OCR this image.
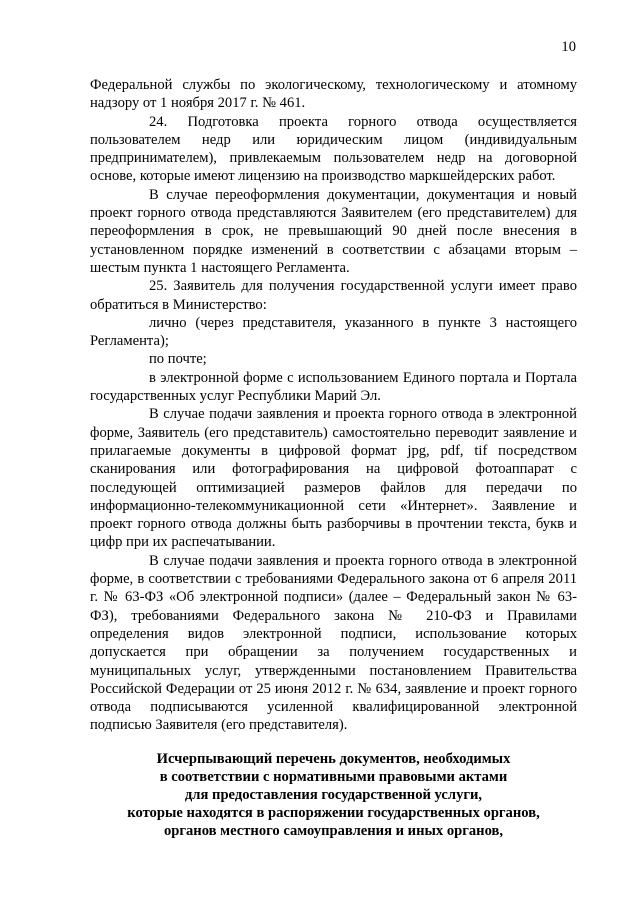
10

Федеральной службы по экологическому, технологическому и атомному надзору от 1 ноября 2017 г. № 461.

24. Подготовка проекта горного отвода осуществляется пользователем недр или юридическим лицом (индивидуальным предпринимателем), привлекаемым пользователем недр на договорной основе, которые имеют лицензию на производство маркшейдерских работ.

В случае переоформления документации, документация и новый проект горного отвода представляются Заявителем (его представителем) для переоформления в срок, не превышающий 90 дней после внесения в установленном порядке изменений в соответствии с абзацами вторым – шестым пункта 1 настоящего Регламента.

25. Заявитель для получения государственной услуги имеет право обратиться в Министерство:

лично (через представителя, указанного в пункте 3 настоящего Регламента);

по почте;

в электронной форме с использованием Единого портала и Портала государственных услуг Республики Марий Эл.

В случае подачи заявления и проекта горного отвода в электронной форме, Заявитель (его представитель) самостоятельно переводит заявление и прилагаемые документы в цифровой формат jpg, pdf, tif посредством сканирования или фотографирования на цифровой фотоаппарат с последующей оптимизацией размеров файлов для передачи по информационно-телекоммуникационной сети «Интернет». Заявление и проект горного отвода должны быть разборчивы в прочтении текста, букв и цифр при их распечатывании.

В случае подачи заявления и проекта горного отвода в электронной форме, в соответствии с требованиями Федерального закона от 6 апреля 2011 г. № 63-ФЗ «Об электронной подписи» (далее – Федеральный закон № 63-ФЗ), требованиями Федерального закона № 210-ФЗ и Правилами определения видов электронной подписи, использование которых допускается при обращении за получением государственных и муниципальных услуг, утвержденными постановлением Правительства Российской Федерации от 25 июня 2012 г. № 634, заявление и проект горного отвода подписываются усиленной квалифицированной электронной подписью Заявителя (его представителя).

Исчерпывающий перечень документов, необходимых
в соответствии с нормативными правовыми актами
для предоставления государственной услуги,
которые находятся в распоряжении государственных органов,
органов местного самоуправления и иных органов,
